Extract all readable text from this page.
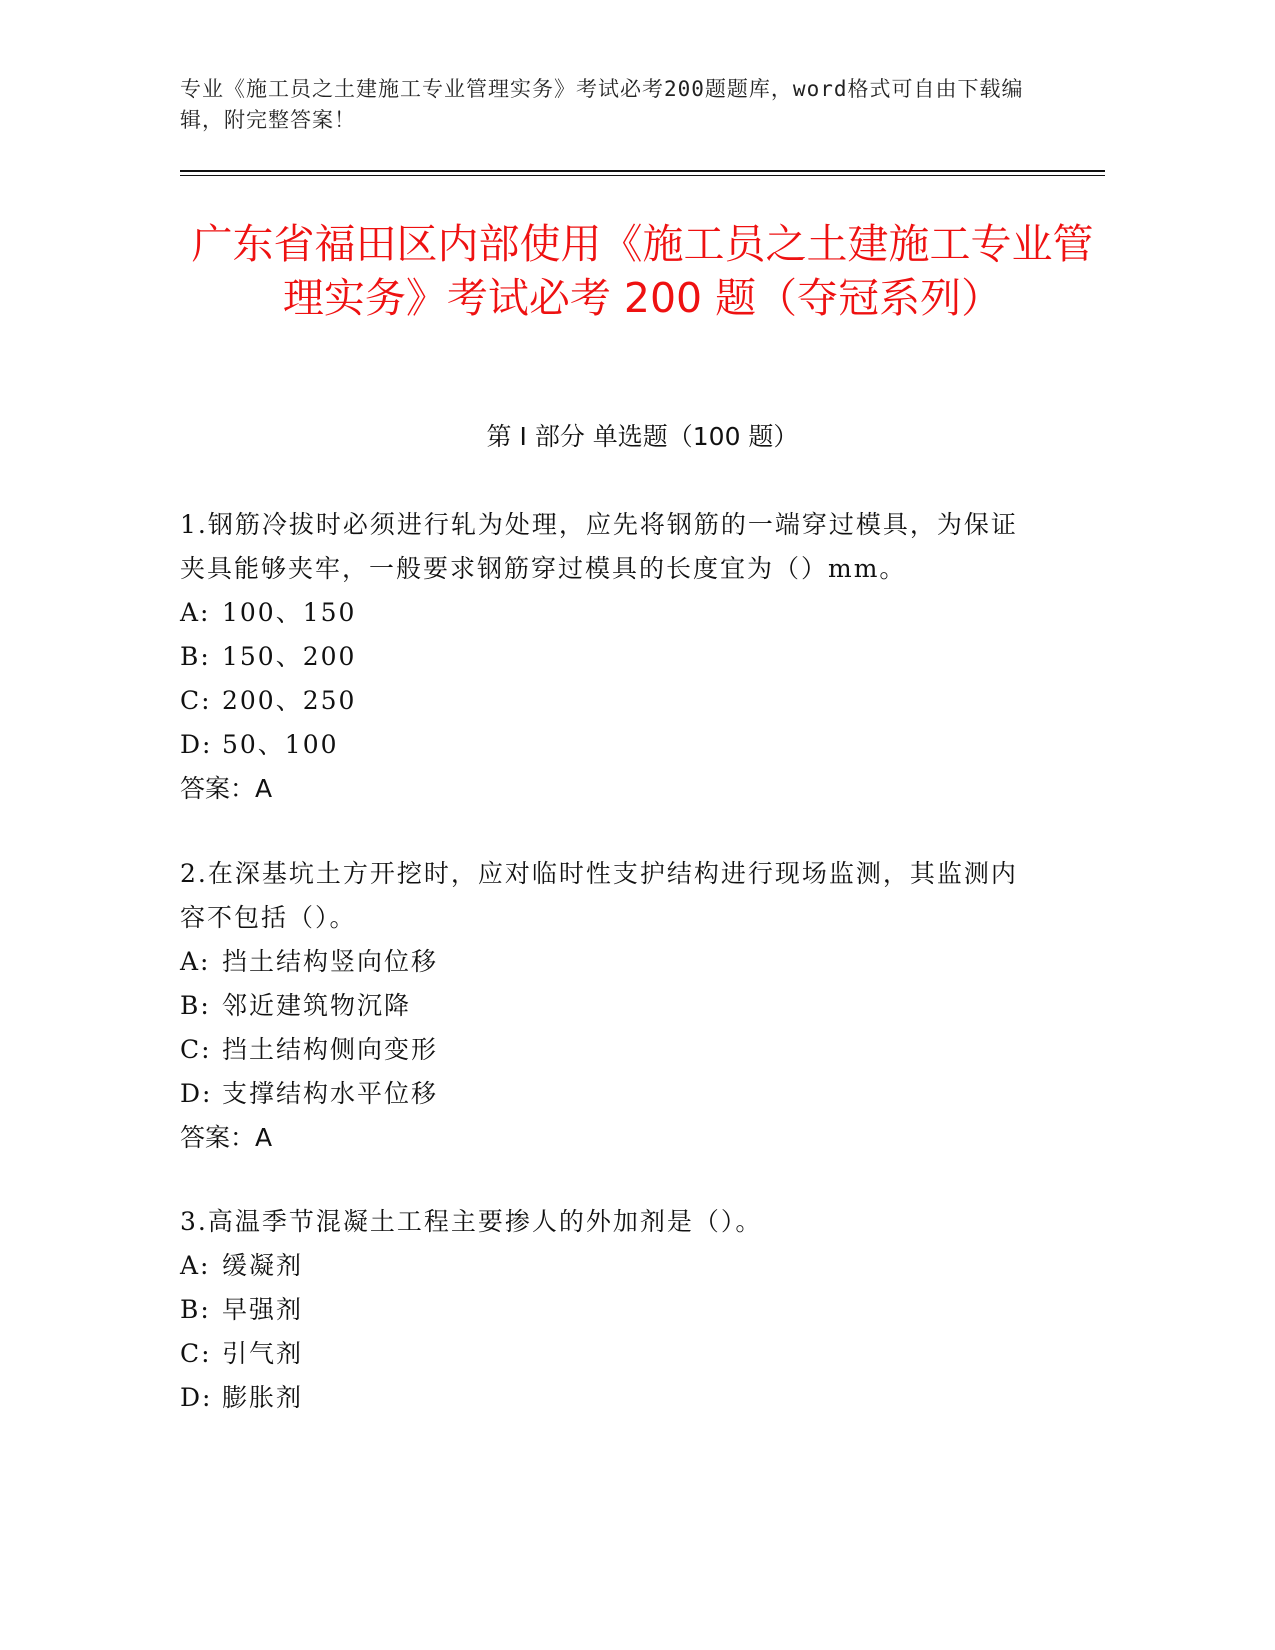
专业《施工员之土建施工专业管理实务》考试必考200题题库，word格式可自由下载编辑，附完整答案！
广东省福田区内部使用《施工员之土建施工专业管理实务》考试必考 200 题（夺冠系列）
第 I 部分 单选题（100 题）

1.钢筋冷拔时必须进行轧为处理，应先将钢筋的一端穿过模具，为保证夹具能够夹牢，一般要求钢筋穿过模具的长度宜为（）mm。

A: 100、150

B: 150、200

C: 200、250

D: 50、100

答案：A

2.在深基坑土方开挖时，应对临时性支护结构进行现场监测，其监测内容不包括（）。

A: 挡土结构竖向位移

B: 邻近建筑物沉降

C: 挡土结构侧向变形

D: 支撑结构水平位移

答案：A

3.高温季节混凝土工程主要掺人的外加剂是（）。

A: 缓凝剂

B: 早强剂

C: 引气剂

D: 膨胀剂
